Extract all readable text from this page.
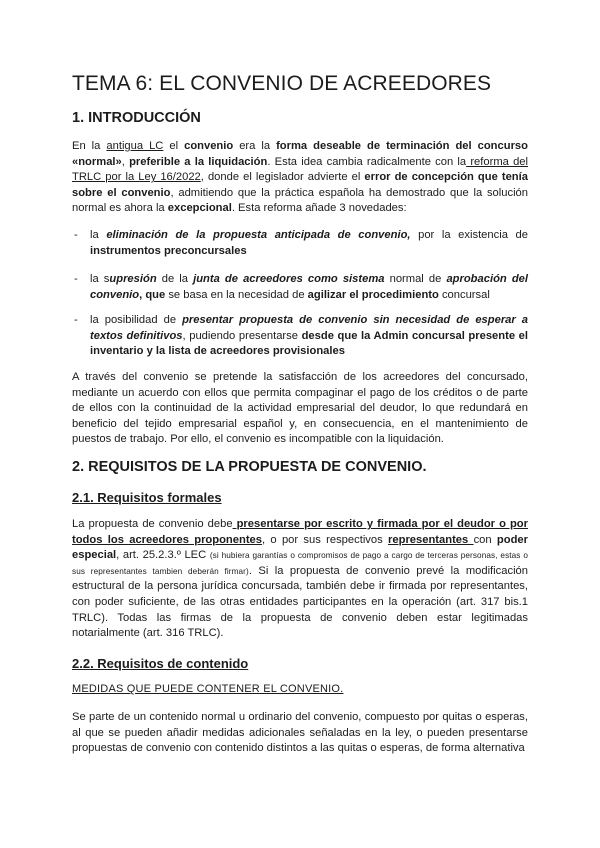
TEMA 6: EL CONVENIO DE ACREEDORES
1. INTRODUCCIÓN

En la antigua LC el convenio era la forma deseable de terminación del concurso «normal», preferible a la liquidación. Esta idea cambia radicalmente con la reforma del TRLC por la Ley 16/2022, donde el legislador advierte el error de concepción que tenía sobre el convenio, admitiendo que la práctica española ha demostrado que la solución normal es ahora la excepcional. Esta reforma añade 3 novedades:

- la eliminación de la propuesta anticipada de convenio, por la existencia de instrumentos preconcursales
- la supresión de la junta de acreedores como sistema normal de aprobación del convenio, que se basa en la necesidad de agilizar el procedimiento concursal
- la posibilidad de presentar propuesta de convenio sin necesidad de esperar a textos definitivos, pudiendo presentarse desde que la Admin concursal presente el inventario y la lista de acreedores provisionales

A través del convenio se pretende la satisfacción de los acreedores del concursado, mediante un acuerdo con ellos que permita compaginar el pago de los créditos o de parte de ellos con la continuidad de la actividad empresarial del deudor, lo que redundará en beneficio del tejido empresarial español y, en consecuencia, en el mantenimiento de puestos de trabajo. Por ello, el convenio es incompatible con la liquidación.

2. REQUISITOS DE LA PROPUESTA DE CONVENIO.
2.1. Requisitos formales

La propuesta de convenio debe presentarse por escrito y firmada por el deudor o por todos los acreedores proponentes, o por sus respectivos representantes con poder especial, art. 25.2.3.º LEC (si hubiera garantías o compromisos de pago a cargo de terceras personas, estas o sus representantes tambien deberán firmar). Si la propuesta de convenio prevé la modificación estructural de la persona jurídica concursada, también debe ir firmada por representantes, con poder suficiente, de las otras entidades participantes en la operación (art. 317 bis.1 TRLC). Todas las firmas de la propuesta de convenio deben estar legitimadas notarialmente (art. 316 TRLC).

2.2. Requisitos de contenido

MEDIDAS QUE PUEDE CONTENER EL CONVENIO.

Se parte de un contenido normal u ordinario del convenio, compuesto por quitas o esperas, al que se pueden añadir medidas adicionales señaladas en la ley, o pueden presentarse propuestas de convenio con contenido distintos a las quitas o esperas, de forma alternativa
